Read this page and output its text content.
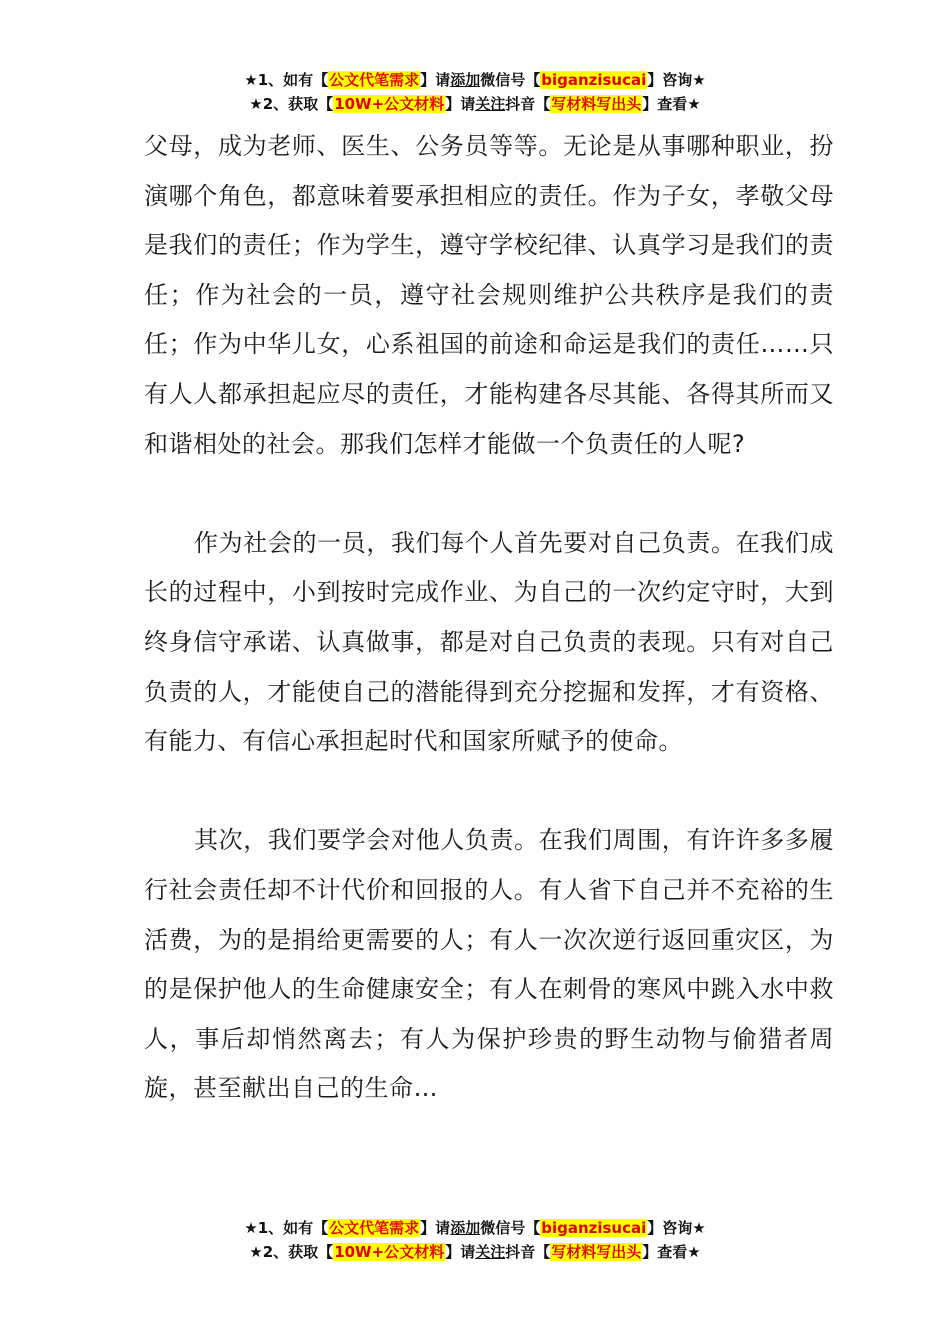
★1、如有【公文代笔需求】请添加微信号【biganzisucai】咨询★
★2、获取【10W+公文材料】请关注抖音【写材料写出头】查看★

父母，成为老师、医生、公务员等等。无论是从事哪种职业，扮演哪个角色，都意味着要承担相应的责任。作为子女，孝敬父母是我们的责任；作为学生，遵守学校纪律、认真学习是我们的责任；作为社会的一员，遵守社会规则维护公共秩序是我们的责任；作为中华儿女，心系祖国的前途和命运是我们的责任……只有人人都承担起应尽的责任，才能构建各尽其能、各得其所而又和谐相处的社会。那我们怎样才能做一个负责任的人呢?

作为社会的一员，我们每个人首先要对自己负责。在我们成长的过程中，小到按时完成作业、为自己的一次约定守时，大到终身信守承诺、认真做事，都是对自己负责的表现。只有对自己负责的人，才能使自己的潜能得到充分挖掘和发挥，才有资格、有能力、有信心承担起时代和国家所赋予的使命。

其次，我们要学会对他人负责。在我们周围，有许许多多履行社会责任却不计代价和回报的人。有人省下自己并不充裕的生活费，为的是捐给更需要的人；有人一次次逆行返回重灾区，为的是保护他人的生命健康安全；有人在刺骨的寒风中跳入水中救人，事后却悄然离去；有人为保护珍贵的野生动物与偷猎者周旋，甚至献出自己的生命…

★1、如有【公文代笔需求】请添加微信号【biganzisucai】咨询★
★2、获取【10W+公文材料】请关注抖音【写材料写出头】查看★
